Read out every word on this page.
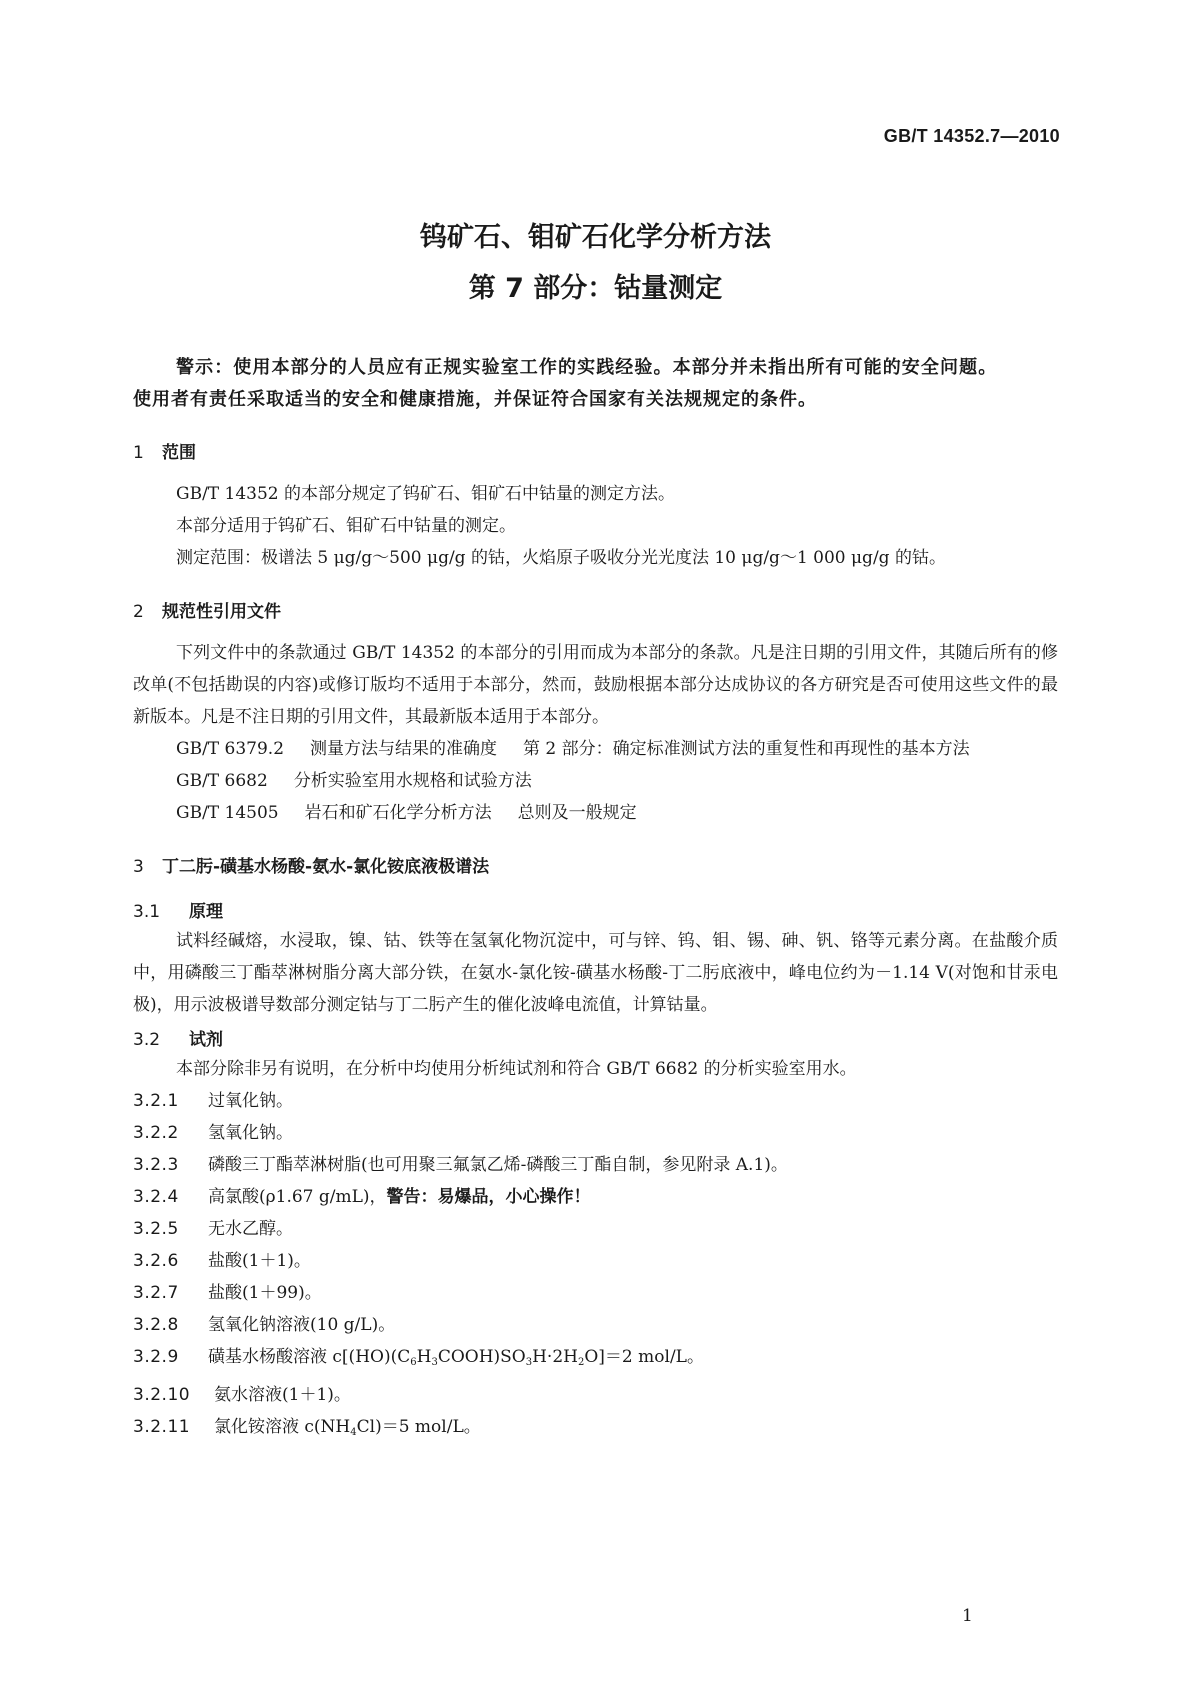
GB/T 14352.7—2010
钨矿石、钼矿石化学分析方法
第 7 部分：钴量测定

警示：使用本部分的人员应有正规实验室工作的实践经验。本部分并未指出所有可能的安全问题。
使用者有责任采取适当的安全和健康措施，并保证符合国家有关法规规定的条件。

1 范围

GB/T 14352 的本部分规定了钨矿石、钼矿石中钴量的测定方法。

本部分适用于钨矿石、钼矿石中钴量的测定。

测定范围：极谱法 5 μg/g～500 μg/g 的钴，火焰原子吸收分光光度法 10 μg/g～1 000 μg/g 的钴。

2 规范性引用文件

下列文件中的条款通过 GB/T 14352 的本部分的引用而成为本部分的条款。凡是注日期的引用文件，其随后所有的修改单(不包括勘误的内容)或修订版均不适用于本部分，然而，鼓励根据本部分达成协议的各方研究是否可使用这些文件的最新版本。凡是不注日期的引用文件，其最新版本适用于本部分。

GB/T 6379.2 测量方法与结果的准确度 第 2 部分：确定标准测试方法的重复性和再现性的基本方法

GB/T 6682 分析实验室用水规格和试验方法

GB/T 14505 岩石和矿石化学分析方法 总则及一般规定

3 丁二肟-磺基水杨酸-氨水-氯化铵底液极谱法
3.1 原理

试料经碱熔，水浸取，镍、钴、铁等在氢氧化物沉淀中，可与锌、钨、钼、锡、砷、钒、铬等元素分离。在盐酸介质中，用磷酸三丁酯萃淋树脂分离大部分铁，在氨水-氯化铵-磺基水杨酸-丁二肟底液中，峰电位约为－1.14 V(对饱和甘汞电极)，用示波极谱导数部分测定钴与丁二肟产生的催化波峰电流值，计算钴量。

3.2 试剂

本部分除非另有说明，在分析中均使用分析纯试剂和符合 GB/T 6682 的分析实验室用水。

3.2.1 过氧化钠。
3.2.2 氢氧化钠。
3.2.3 磷酸三丁酯萃淋树脂(也可用聚三氟氯乙烯-磷酸三丁酯自制，参见附录 A.1)。
3.2.4 高氯酸(ρ1.67 g/mL)，警告：易爆品，小心操作！
3.2.5 无水乙醇。
3.2.6 盐酸(1＋1)。
3.2.7 盐酸(1＋99)。
3.2.8 氢氧化钠溶液(10 g/L)。
3.2.9 磺基水杨酸溶液 $c[(HO)(C_6H_3COOH)SO_3H\cdot 2H_2O]=2$ mol/L。
3.2.10 氨水溶液(1＋1)。
3.2.11 氯化铵溶液 $c(NH_4Cl)=5$ mol/L。
1
